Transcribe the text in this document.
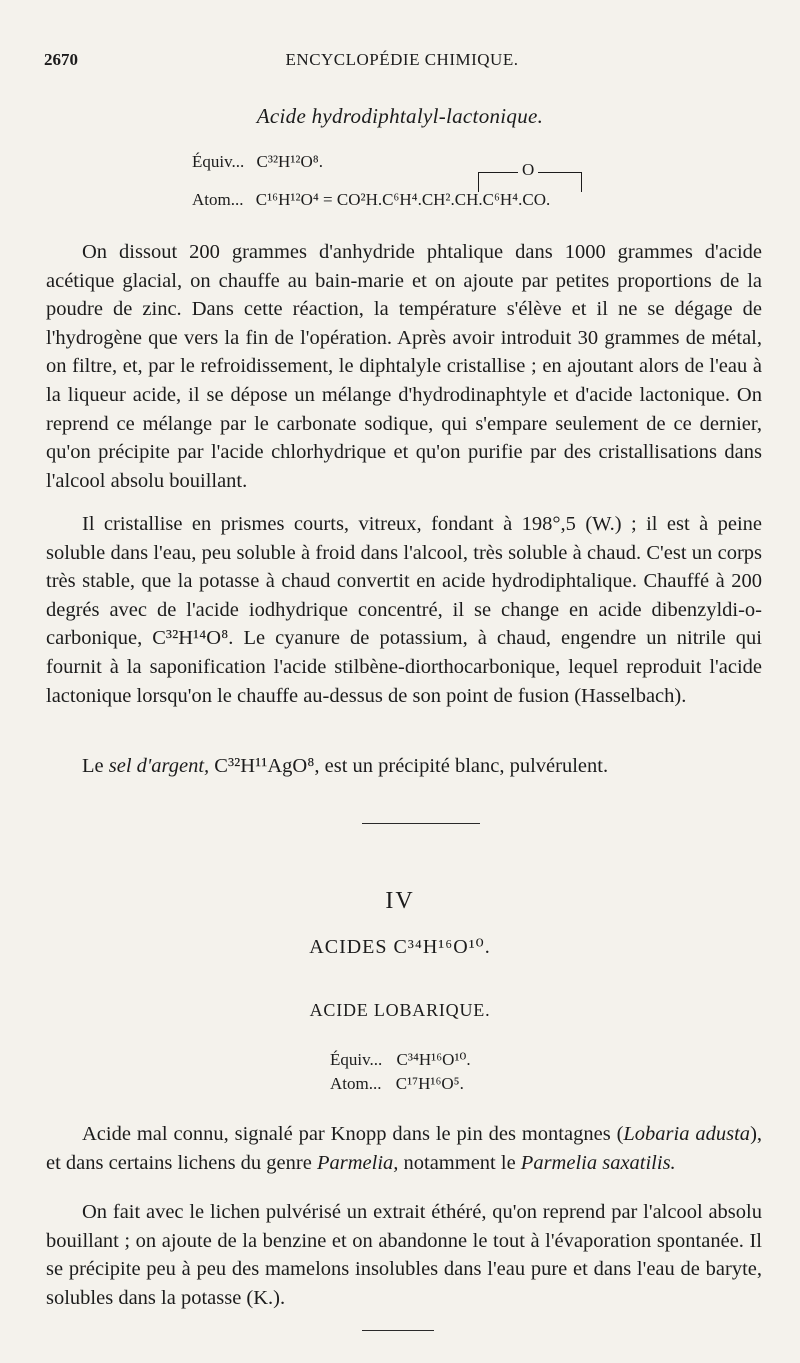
2670	ENCYCLOPÉDIE CHIMIQUE.
Acide hydrodiphtalyl-lactonique.
Équiv... C³²H¹²O⁸.	O
Atom... C¹⁶H¹²O⁴ = CO²H.C⁶H⁴.CH².CH.C⁶H⁴.CO.

On dissout 200 grammes d'anhydride phtalique dans 1000 grammes d'acide acétique glacial, on chauffe au bain-marie et on ajoute par petites proportions de la poudre de zinc. Dans cette réaction, la température s'élève et il ne se dégage de l'hydrogène que vers la fin de l'opération. Après avoir introduit 30 grammes de métal, on filtre, et, par le refroidissement, le diphtalyle cristallise ; en ajoutant alors de l'eau à la liqueur acide, il se dépose un mélange d'hydrodinaphtyle et d'acide lactonique. On reprend ce mélange par le carbonate sodique, qui s'empare seulement de ce dernier, qu'on précipite par l'acide chlorhydrique et qu'on purifie par des cristallisations dans l'alcool absolu bouillant.

Il cristallise en prismes courts, vitreux, fondant à 198°,5 (W.) ; il est à peine soluble dans l'eau, peu soluble à froid dans l'alcool, très soluble à chaud. C'est un corps très stable, que la potasse à chaud convertit en acide hydrodiphtalique. Chauffé à 200 degrés avec de l'acide iodhydrique concentré, il se change en acide dibenzyldi-o-carbonique, C³²H¹⁴O⁸. Le cyanure de potassium, à chaud, engendre un nitrile qui fournit à la saponification l'acide stilbène-diorthocarbonique, lequel reproduit l'acide lactonique lorsqu'on le chauffe au-dessus de son point de fusion (Hasselbach).

Le sel d'argent, C³²H¹¹AgO⁸, est un précipité blanc, pulvérulent.

IV
ACIDES C³⁴H¹⁶O¹⁰.
ACIDE LOBARIQUE.
Équiv... C³⁴H¹⁶O¹⁰.
Atom... C¹⁷H¹⁶O⁵.

Acide mal connu, signalé par Knopp dans le pin des montagnes (Lobaria adusta), et dans certains lichens du genre Parmelia, notamment le Parmelia saxatilis.

On fait avec le lichen pulvérisé un extrait éthéré, qu'on reprend par l'alcool absolu bouillant ; on ajoute de la benzine et on abandonne le tout à l'évaporation spontanée. Il se précipite peu à peu des mamelons insolubles dans l'eau pure et dans l'eau de baryte, solubles dans la potasse (K.).
